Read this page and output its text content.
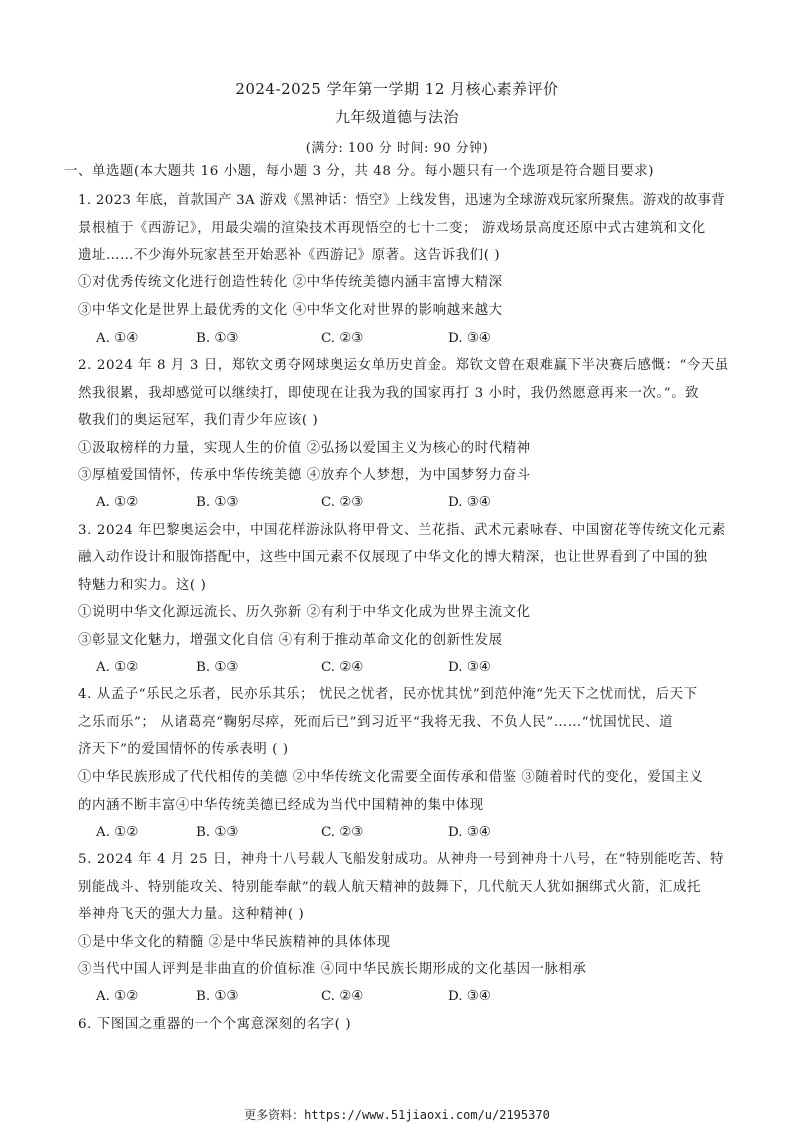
2024-2025 学年第一学期 12 月核心素养评价
九年级道德与法治
(满分: 100 分 时间: 90 分钟)
一、单选题(本大题共 16 小题，每小题 3 分，共 48 分。每小题只有一个选项是符合题目要求)
1. 2023 年底，首款国产 3A 游戏《黑神话：悟空》上线发售，迅速为全球游戏玩家所聚焦。游戏的故事背
景根植于《西游记》，用最尖端的渲染技术再现悟空的七十二变； 游戏场景高度还原中式古建筑和文化
遗址……不少海外玩家甚至开始恶补《西游记》原著。这告诉我们( )
①对优秀传统文化进行创造性转化 ②中华传统美德内涵丰富博大精深
③中华文化是世界上最优秀的文化 ④中华文化对世界的影响越来越大
A. ①④	B. ①③	C. ②③	D. ③④
2. 2024 年 8 月 3 日，郑钦文勇夺网球奥运女单历史首金。郑钦文曾在艰难赢下半决赛后感慨：“今天虽
然我很累，我却感觉可以继续打，即使现在让我为我的国家再打 3 小时，我仍然愿意再来一次。”。致
敬我们的奥运冠军，我们青少年应该( )
①汲取榜样的力量，实现人生的价值 ②弘扬以爱国主义为核心的时代精神
③厚植爱国情怀，传承中华传统美德 ④放弃个人梦想，为中国梦努力奋斗
A. ①②	B. ①③	C. ②③	D. ③④
3. 2024 年巴黎奥运会中，中国花样游泳队将甲骨文、兰花指、武术元素咏春、中国窗花等传统文化元素
融入动作设计和服饰搭配中，这些中国元素不仅展现了中华文化的博大精深，也让世界看到了中国的独
特魅力和实力。这( )
①说明中华文化源远流长、历久弥新 ②有利于中华文化成为世界主流文化
③彰显文化魅力，增强文化自信 ④有利于推动革命文化的创新性发展
A. ①②	B. ①③	C. ②④	D. ③④
4. 从孟子“乐民之乐者，民亦乐其乐； 忧民之忧者，民亦忧其忧”到范仲淹“先天下之忧而忧，后天下
之乐而乐”； 从诸葛亮“鞠躬尽瘁，死而后已”到习近平“我将无我、不负人民”……“忧国忧民、道
济天下”的爱国情怀的传承表明 ( )
①中华民族形成了代代相传的美德 ②中华传统文化需要全面传承和借鉴 ③随着时代的变化，爱国主义
的内涵不断丰富④中华传统美德已经成为当代中国精神的集中体现
A. ①②	B. ①③	C. ②③	D. ③④
5. 2024 年 4 月 25 日，神舟十八号载人飞船发射成功。从神舟一号到神舟十八号，在“特别能吃苦、特
别能战斗、特别能攻关、特别能奉献”的载人航天精神的鼓舞下，几代航天人犹如捆绑式火箭，汇成托
举神舟飞天的强大力量。这种精神( )
①是中华文化的精髓 ②是中华民族精神的具体体现
③当代中国人评判是非曲直的价值标准 ④同中华民族长期形成的文化基因一脉相承
A. ①②	B. ①③	C. ②④	D. ③④
6. 下图国之重器的一个个寓意深刻的名字( )
更多资料：https://www.51jiaoxi.com/u/2195370
